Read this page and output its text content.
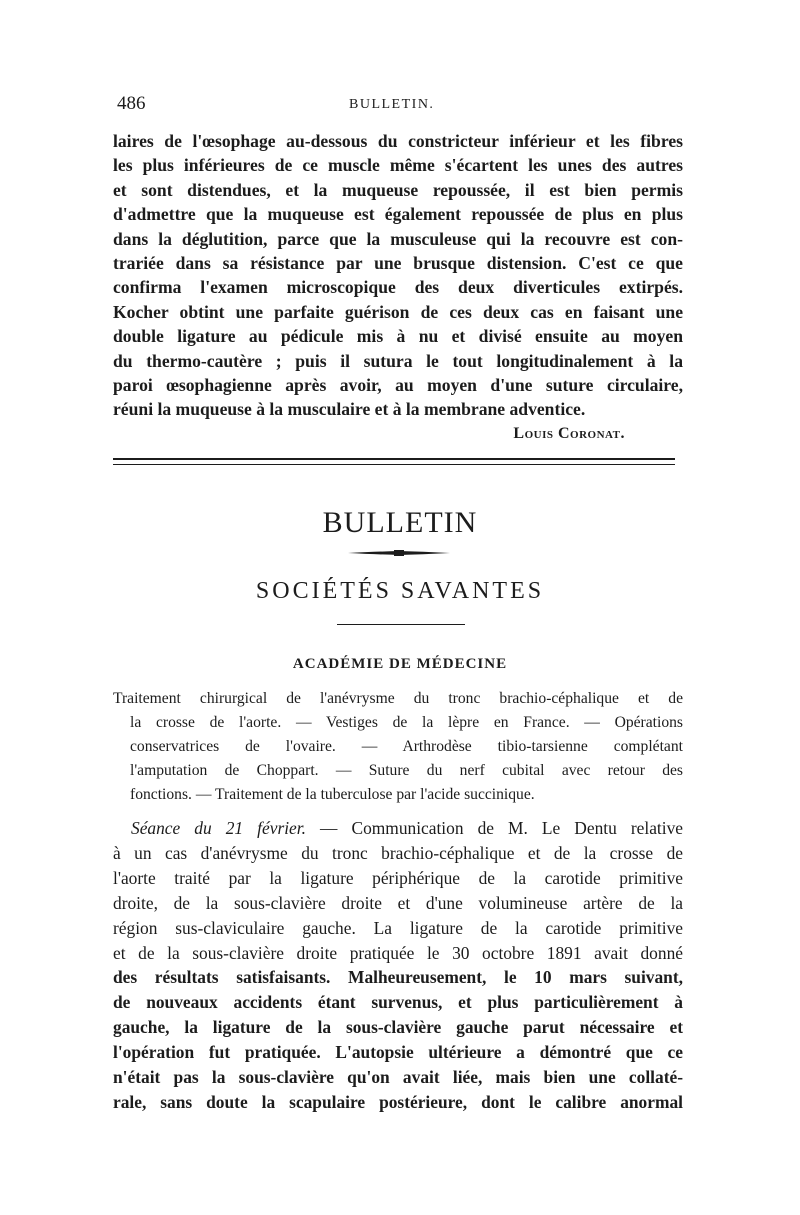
486	BULLETIN.
laires de l'œsophage au-dessous du constricteur inférieur et les fibres
les plus inférieures de ce muscle même s'écartent les unes des autres
et sont distendues, et la muqueuse repoussée, il est bien permis
d'admettre que la muqueuse est également repoussée de plus en plus
dans la déglutition, parce que la musculeuse qui la recouvre est con-
trariée dans sa résistance par une brusque distension. C'est ce que
confirma l'examen microscopique des deux diverticules extirpés.
Kocher obtint une parfaite guérison de ces deux cas en faisant une
double ligature au pédicule mis à nu et divisé ensuite au moyen
du thermo-cautère ; puis il sutura le tout longitudinalement à la
paroi œsophagienne après avoir, au moyen d'une suture circulaire,
réuni la muqueuse à la musculaire et à la membrane adventice.
Louis Coronat.
BULLETIN
SOCIÉTÉS SAVANTES
ACADÉMIE DE MÉDECINE
Traitement chirurgical de l'anévrysme du tronc brachio-céphalique et de
la crosse de l'aorte. — Vestiges de la lèpre en France. — Opérations
conservatrices de l'ovaire. — Arthrodèse tibio-tarsienne complétant
l'amputation de Choppart. — Suture du nerf cubital avec retour des
fonctions. — Traitement de la tuberculose par l'acide succinique.
Séance du 21 février. — Communication de M. Le Dentu relative
à un cas d'anévrysme du tronc brachio-céphalique et de la crosse de
l'aorte traité par la ligature périphérique de la carotide primitive
droite, de la sous-clavière droite et d'une volumineuse artère de la
région sus-claviculaire gauche. La ligature de la carotide primitive
et de la sous-clavière droite pratiquée le 30 octobre 1891 avait donné
des résultats satisfaisants. Malheureusement, le 10 mars suivant,
de nouveaux accidents étant survenus, et plus particulièrement à
gauche, la ligature de la sous-clavière gauche parut nécessaire et
l'opération fut pratiquée. L'autopsie ultérieure a démontré que ce
n'était pas la sous-clavière qu'on avait liée, mais bien une collaté-
rale, sans doute la scapulaire postérieure, dont le calibre anormal
